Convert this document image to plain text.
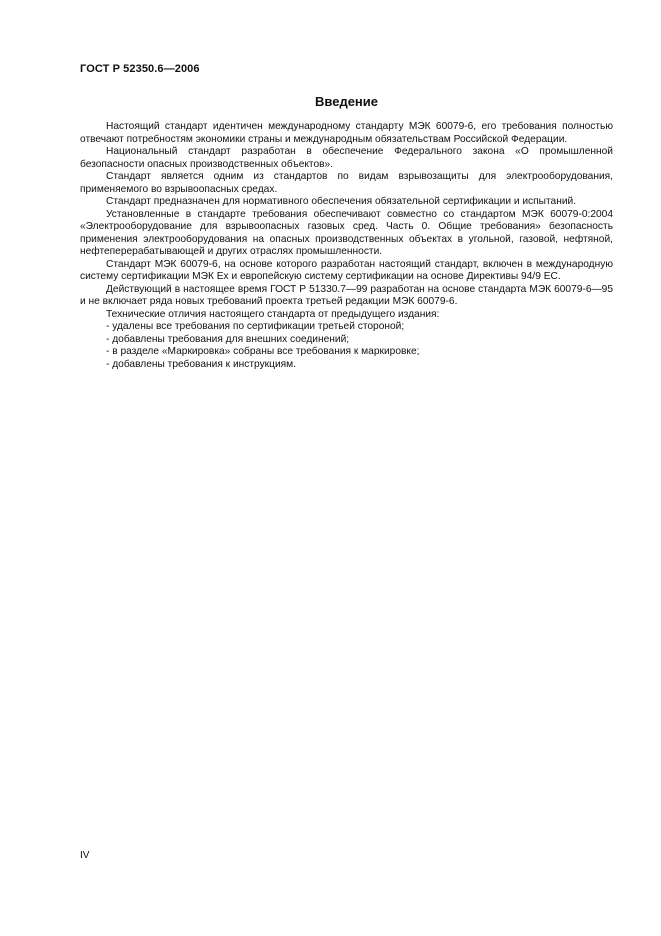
ГОСТ Р 52350.6—2006
Введение

Настоящий стандарт идентичен международному стандарту МЭК 60079-6, его требования полностью отвечают потребностям экономики страны и международным обязательствам Российской Федерации.

Национальный стандарт разработан в обеспечение Федерального закона «О промышленной безопасности опасных производственных объектов».

Стандарт является одним из стандартов по видам взрывозащиты для электрооборудования, применяемого во взрывоопасных средах.

Стандарт предназначен для нормативного обеспечения обязательной сертификации и испытаний.

Установленные в стандарте требования обеспечивают совместно со стандартом МЭК 60079-0:2004 «Электрооборудование для взрывоопасных газовых сред. Часть 0. Общие требования» безопасность применения электрооборудования на опасных производственных объектах в угольной, газовой, нефтяной, нефтеперерабатывающей и других отраслях промышленности.

Стандарт МЭК 60079-6, на основе которого разработан настоящий стандарт, включен в международную систему сертификации МЭК Ex и европейскую систему сертификации на основе Директивы 94/9 ЕС.

Действующий в настоящее время ГОСТ Р 51330.7—99 разработан на основе стандарта МЭК 60079-6—95 и не включает ряда новых требований проекта третьей редакции МЭК 60079-6.

Технические отличия настоящего стандарта от предыдущего издания:

- удалены все требования по сертификации третьей стороной;
- добавлены требования для внешних соединений;
- в разделе «Маркировка» собраны все требования к маркировке;
- добавлены требования к инструкциям.
IV
